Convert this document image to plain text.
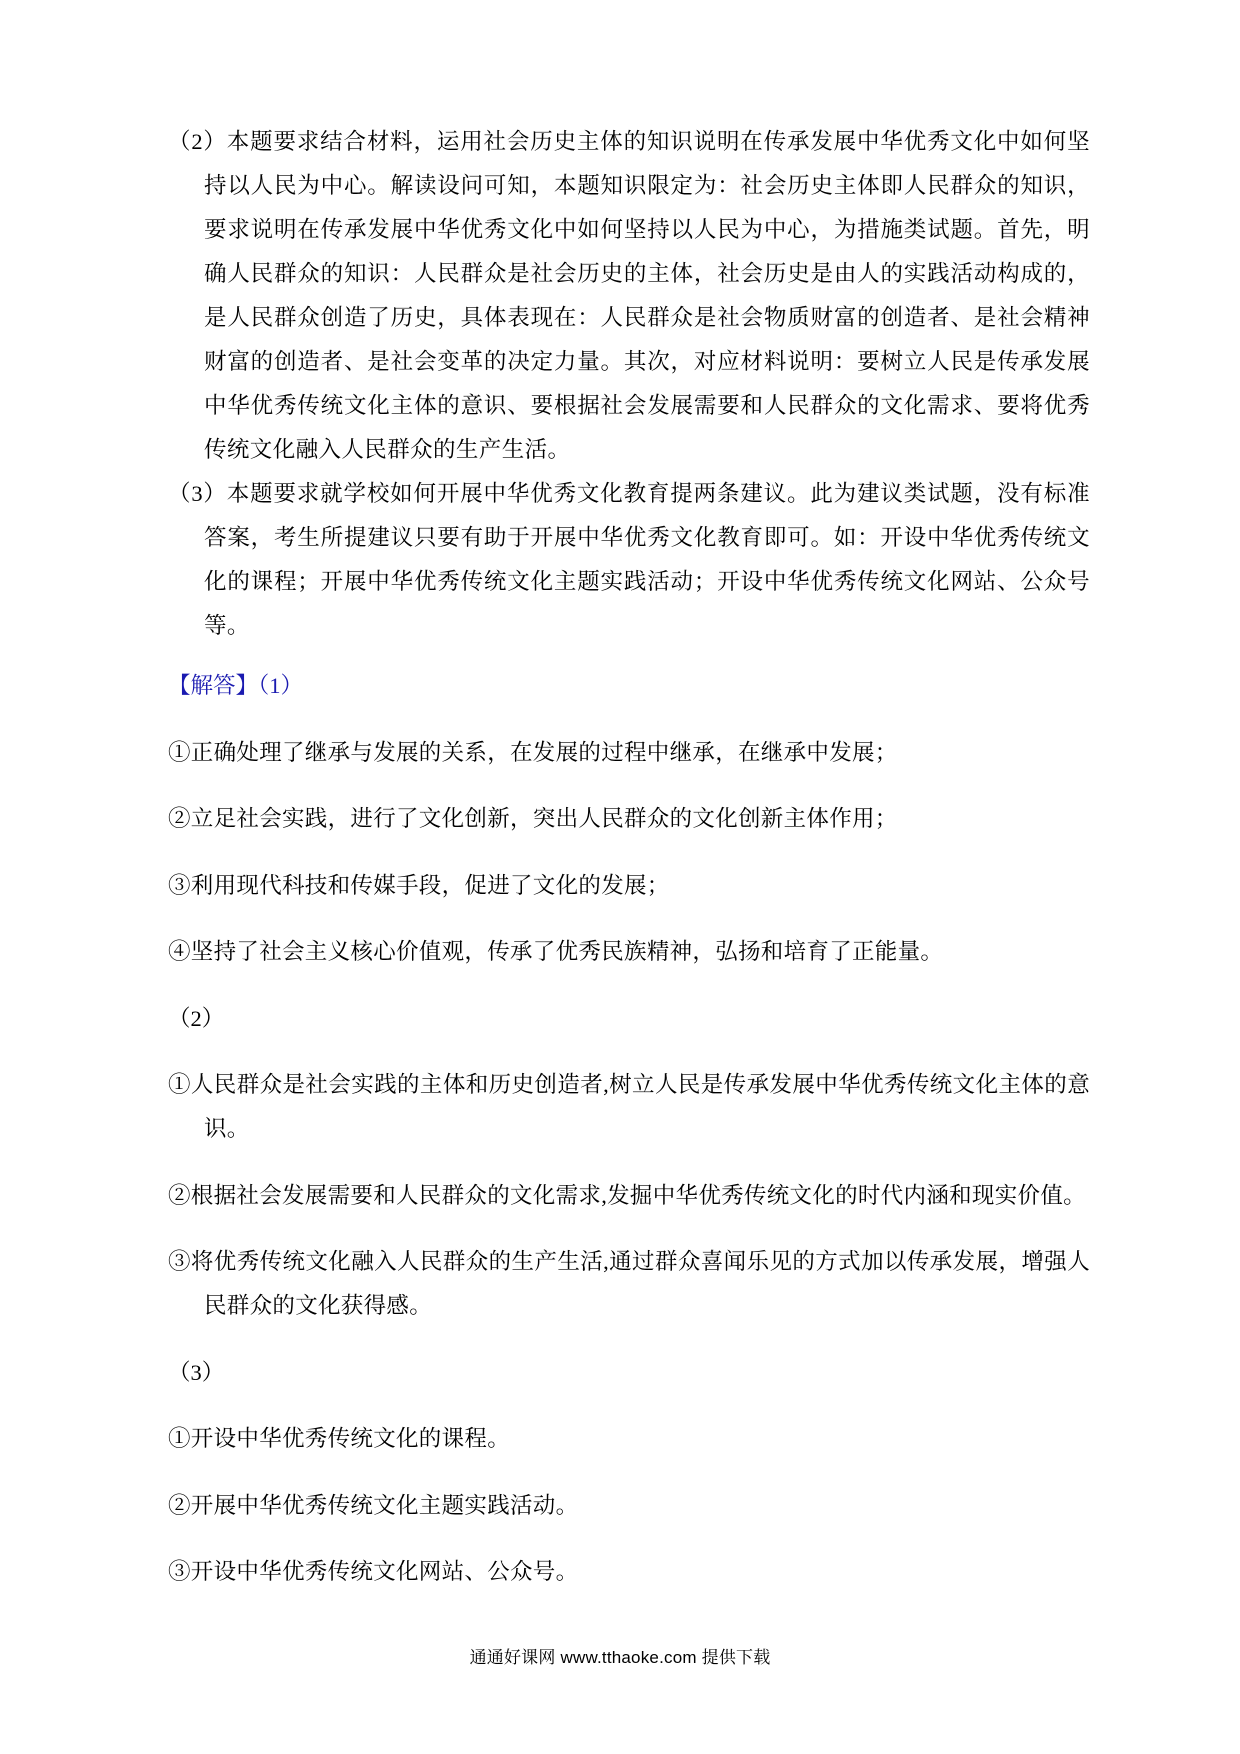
（2）本题要求结合材料，运用社会历史主体的知识说明在传承发展中华优秀文化中如何坚持以人民为中心。解读设问可知，本题知识限定为：社会历史主体即人民群众的知识，要求说明在传承发展中华优秀文化中如何坚持以人民为中心，为措施类试题。首先，明确人民群众的知识：人民群众是社会历史的主体，社会历史是由人的实践活动构成的，是人民群众创造了历史，具体表现在：人民群众是社会物质财富的创造者、是社会精神财富的创造者、是社会变革的决定力量。其次，对应材料说明：要树立人民是传承发展中华优秀传统文化主体的意识、要根据社会发展需要和人民群众的文化需求、要将优秀传统文化融入人民群众的生产生活。

（3）本题要求就学校如何开展中华优秀文化教育提两条建议。此为建议类试题，没有标准答案，考生所提建议只要有助于开展中华优秀文化教育即可。如：开设中华优秀传统文化的课程；开展中华优秀传统文化主题实践活动；开设中华优秀传统文化网站、公众号等。

【解答】（1）

①正确处理了继承与发展的关系，在发展的过程中继承，在继承中发展；

②立足社会实践，进行了文化创新，突出人民群众的文化创新主体作用；

③利用现代科技和传媒手段，促进了文化的发展；

④坚持了社会主义核心价值观，传承了优秀民族精神，弘扬和培育了正能量。

（2）

①人民群众是社会实践的主体和历史创造者,树立人民是传承发展中华优秀传统文化主体的意识。

②根据社会发展需要和人民群众的文化需求,发掘中华优秀传统文化的时代内涵和现实价值。

③将优秀传统文化融入人民群众的生产生活,通过群众喜闻乐见的方式加以传承发展，增强人民群众的文化获得感。

（3）

①开设中华优秀传统文化的课程。

②开展中华优秀传统文化主题实践活动。

③开设中华优秀传统文化网站、公众号。

通通好课网 www.tthaoke.com 提供下载
